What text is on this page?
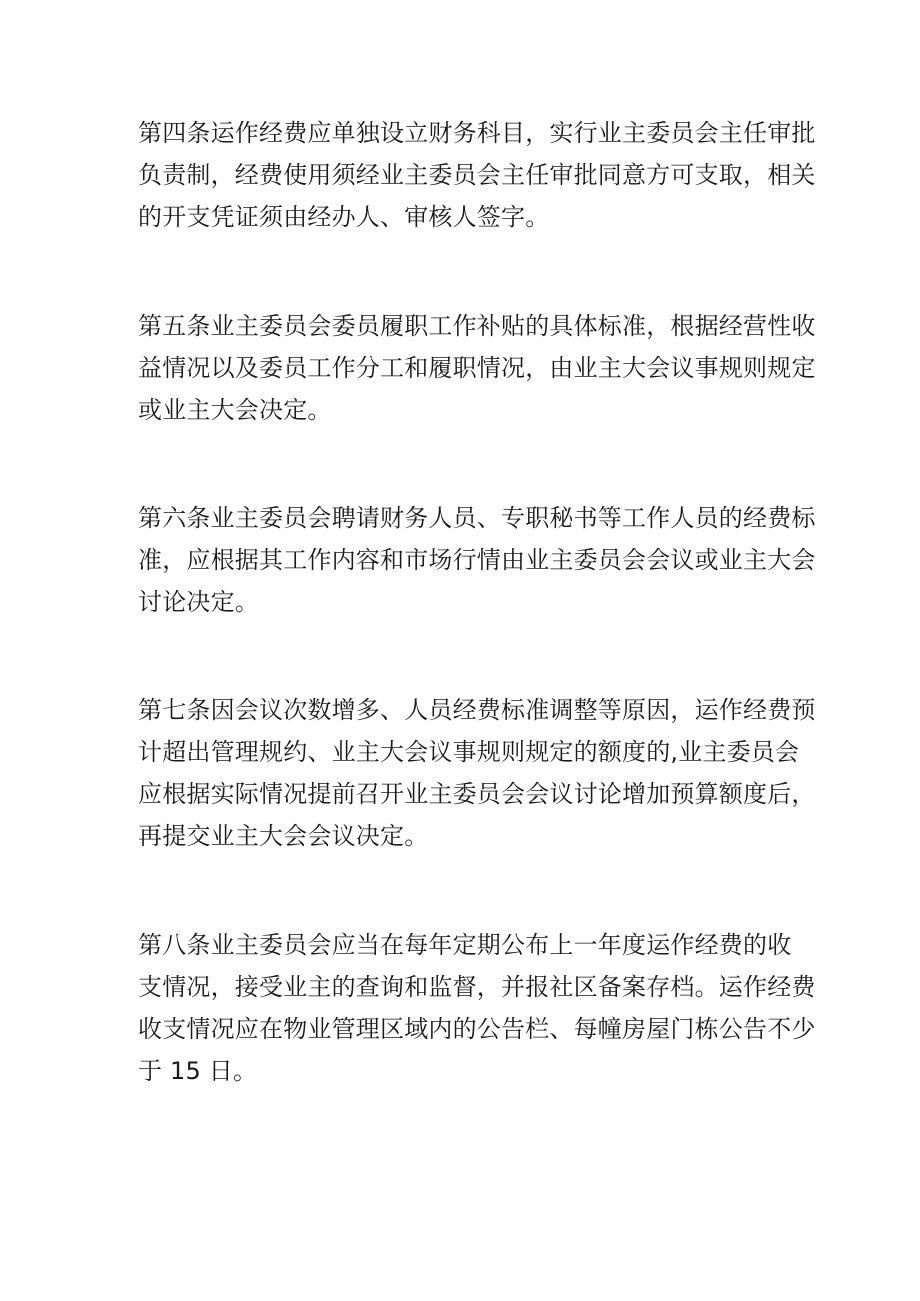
第四条运作经费应单独设立财务科目，实行业主委员会主任审批
负责制，经费使用须经业主委员会主任审批同意方可支取，相关
的开支凭证须由经办人、审核人签字。

第五条业主委员会委员履职工作补贴的具体标准，根据经营性收
益情况以及委员工作分工和履职情况，由业主大会议事规则规定
或业主大会决定。

第六条业主委员会聘请财务人员、专职秘书等工作人员的经费标
准，应根据其工作内容和市场行情由业主委员会会议或业主大会
讨论决定。

第七条因会议次数增多、人员经费标准调整等原因，运作经费预
计超出管理规约、业主大会议事规则规定的额度的,业主委员会
应根据实际情况提前召开业主委员会会议讨论增加预算额度后，
再提交业主大会会议决定。

第八条业主委员会应当在每年定期公布上一年度运作经费的收
支情况，接受业主的查询和监督，并报社区备案存档。运作经费
收支情况应在物业管理区域内的公告栏、每幢房屋门栋公告不少
于 15 日。
